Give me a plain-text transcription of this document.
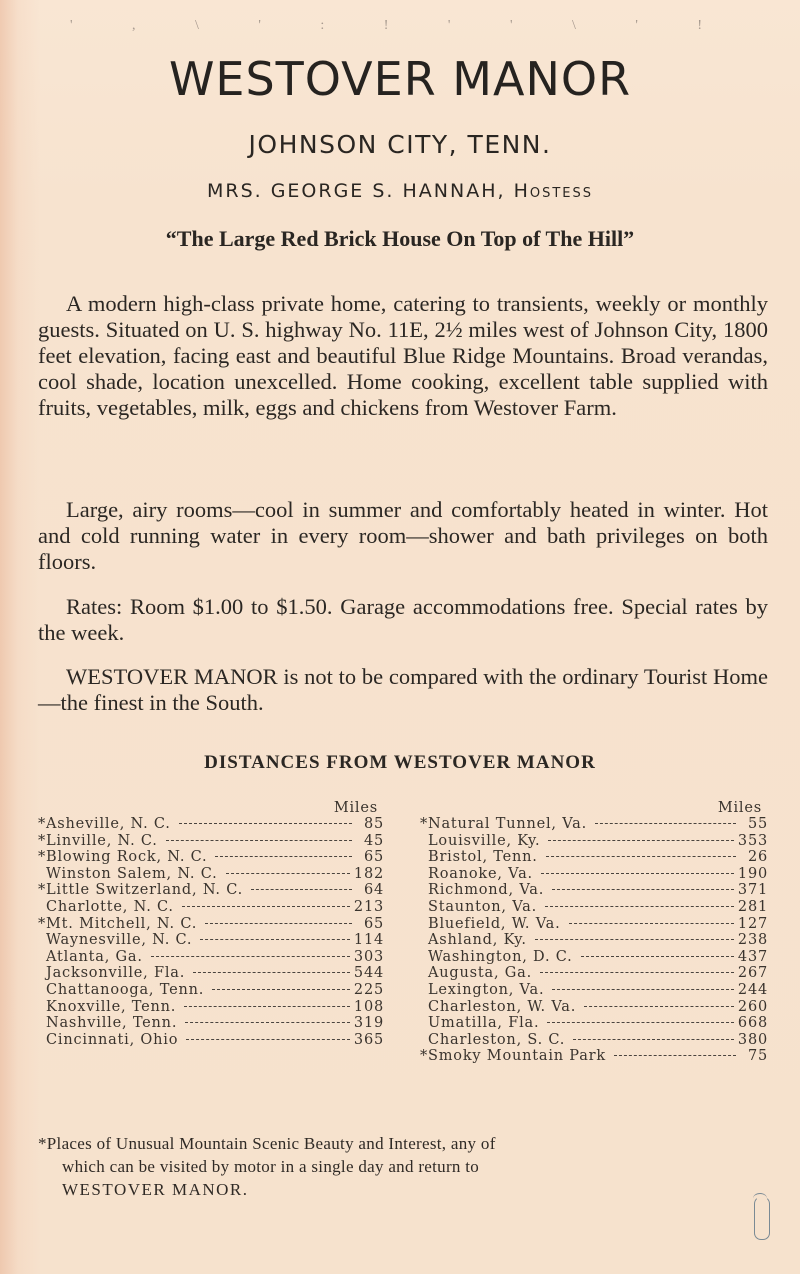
' , \ ' : ! ' ' \ ' !
WESTOVER MANOR
JOHNSON CITY, TENN.
MRS. GEORGE S. HANNAH, Hostess
“The Large Red Brick House On Top of The Hill”

A modern high-class private home, catering to transients, weekly or monthly guests. Situated on U. S. highway No. 11E, 2½ miles west of Johnson City, 1800 feet elevation, facing east and beautiful Blue Ridge Mountains. Broad verandas, cool shade, location unexcelled. Home cooking, excellent table supplied with fruits, vegetables, milk, eggs and chickens from Westover Farm.

Large, airy rooms—cool in summer and comfortably heated in winter. Hot and cold running water in every room—shower and bath privileges on both floors.

Rates: Room $1.00 to $1.50. Garage accommodations free. Special rates by the week.

WESTOVER MANOR is not to be compared with the ordinary Tourist Home—the finest in the South.

DISTANCES FROM WESTOVER MANOR
Miles
* Asheville, N. C.	85
* Linville, N. C.	45
* Blowing Rock, N. C.	65
Winston Salem, N. C.	182
* Little Switzerland, N. C.	64
Charlotte, N. C.	213
* Mt. Mitchell, N. C.	65
Waynesville, N. C.	114
Atlanta, Ga.	303
Jacksonville, Fla.	544
Chattanooga, Tenn.	225
Knoxville, Tenn.	108
Nashville, Tenn.	319
Cincinnati, Ohio	365
Miles
* Natural Tunnel, Va.	55
Louisville, Ky.	353
Bristol, Tenn.	26
Roanoke, Va.	190
Richmond, Va.	371
Staunton, Va.	281
Bluefield, W. Va.	127
Ashland, Ky.	238
Washington, D. C.	437
Augusta, Ga.	267
Lexington, Va.	244
Charleston, W. Va.	260
Umatilla, Fla.	668
Charleston, S. C.	380
* Smoky Mountain Park	75
*Places of Unusual Mountain Scenic Beauty and Interest, any of
which can be visited by motor in a single day and return to
WESTOVER MANOR.
